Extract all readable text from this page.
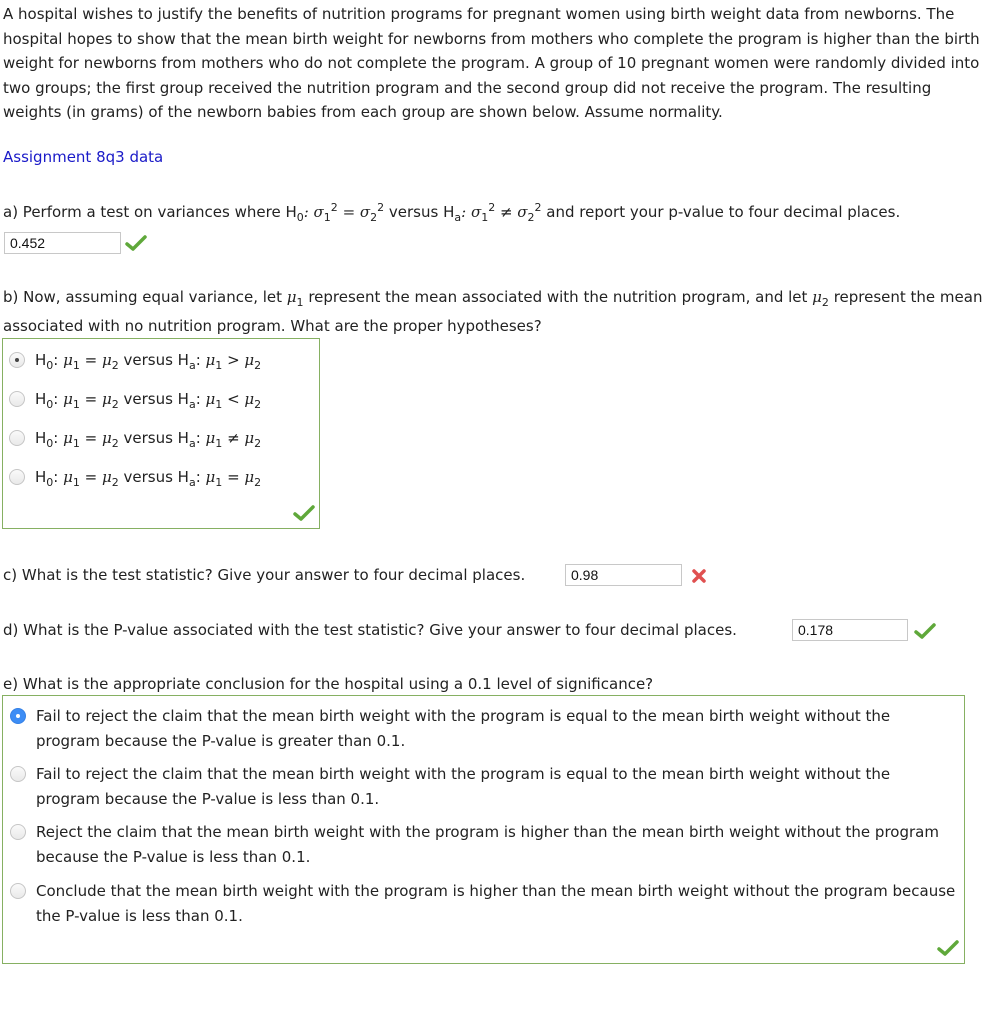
A hospital wishes to justify the benefits of nutrition programs for pregnant women using birth weight data from newborns. The hospital hopes to show that the mean birth weight for newborns from mothers who complete the program is higher than the birth weight for newborns from mothers who do not complete the program. A group of 10 pregnant women were randomly divided into two groups; the first group received the nutrition program and the second group did not receive the program. The resulting weights (in grams) of the newborn babies from each group are shown below. Assume normality.
Assignment 8q3 data
a) Perform a test on variances where $H_0$: $\sigma_1^2 = \sigma_2^2$ versus $H_a$: $\sigma_1^2 \ne \sigma_2^2$ and report your p-value to four decimal places.
0.452
b) Now, assuming equal variance, let $\mu_1$ represent the mean associated with the nutrition program, and let $\mu_2$ represent the mean associated with no nutrition program. What are the proper hypotheses?
$H_0$: $\mu_1 = \mu_2$ versus $H_a$: $\mu_1 > \mu_2$
$H_0$: $\mu_1 = \mu_2$ versus $H_a$: $\mu_1 < \mu_2$
$H_0$: $\mu_1 = \mu_2$ versus $H_a$: $\mu_1 \ne \mu_2$
$H_0$: $\mu_1 = \mu_2$ versus $H_a$: $\mu_1 = \mu_2$
c) What is the test statistic? Give your answer to four decimal places.
0.98
d) What is the P-value associated with the test statistic? Give your answer to four decimal places.
0.178
e) What is the appropriate conclusion for the hospital using a 0.1 level of significance?
Fail to reject the claim that the mean birth weight with the program is equal to the mean birth weight without the program because the P-value is greater than 0.1.
Fail to reject the claim that the mean birth weight with the program is equal to the mean birth weight without the program because the P-value is less than 0.1.
Reject the claim that the mean birth weight with the program is higher than the mean birth weight without the program because the P-value is less than 0.1.
Conclude that the mean birth weight with the program is higher than the mean birth weight without the program because the P-value is less than 0.1.
